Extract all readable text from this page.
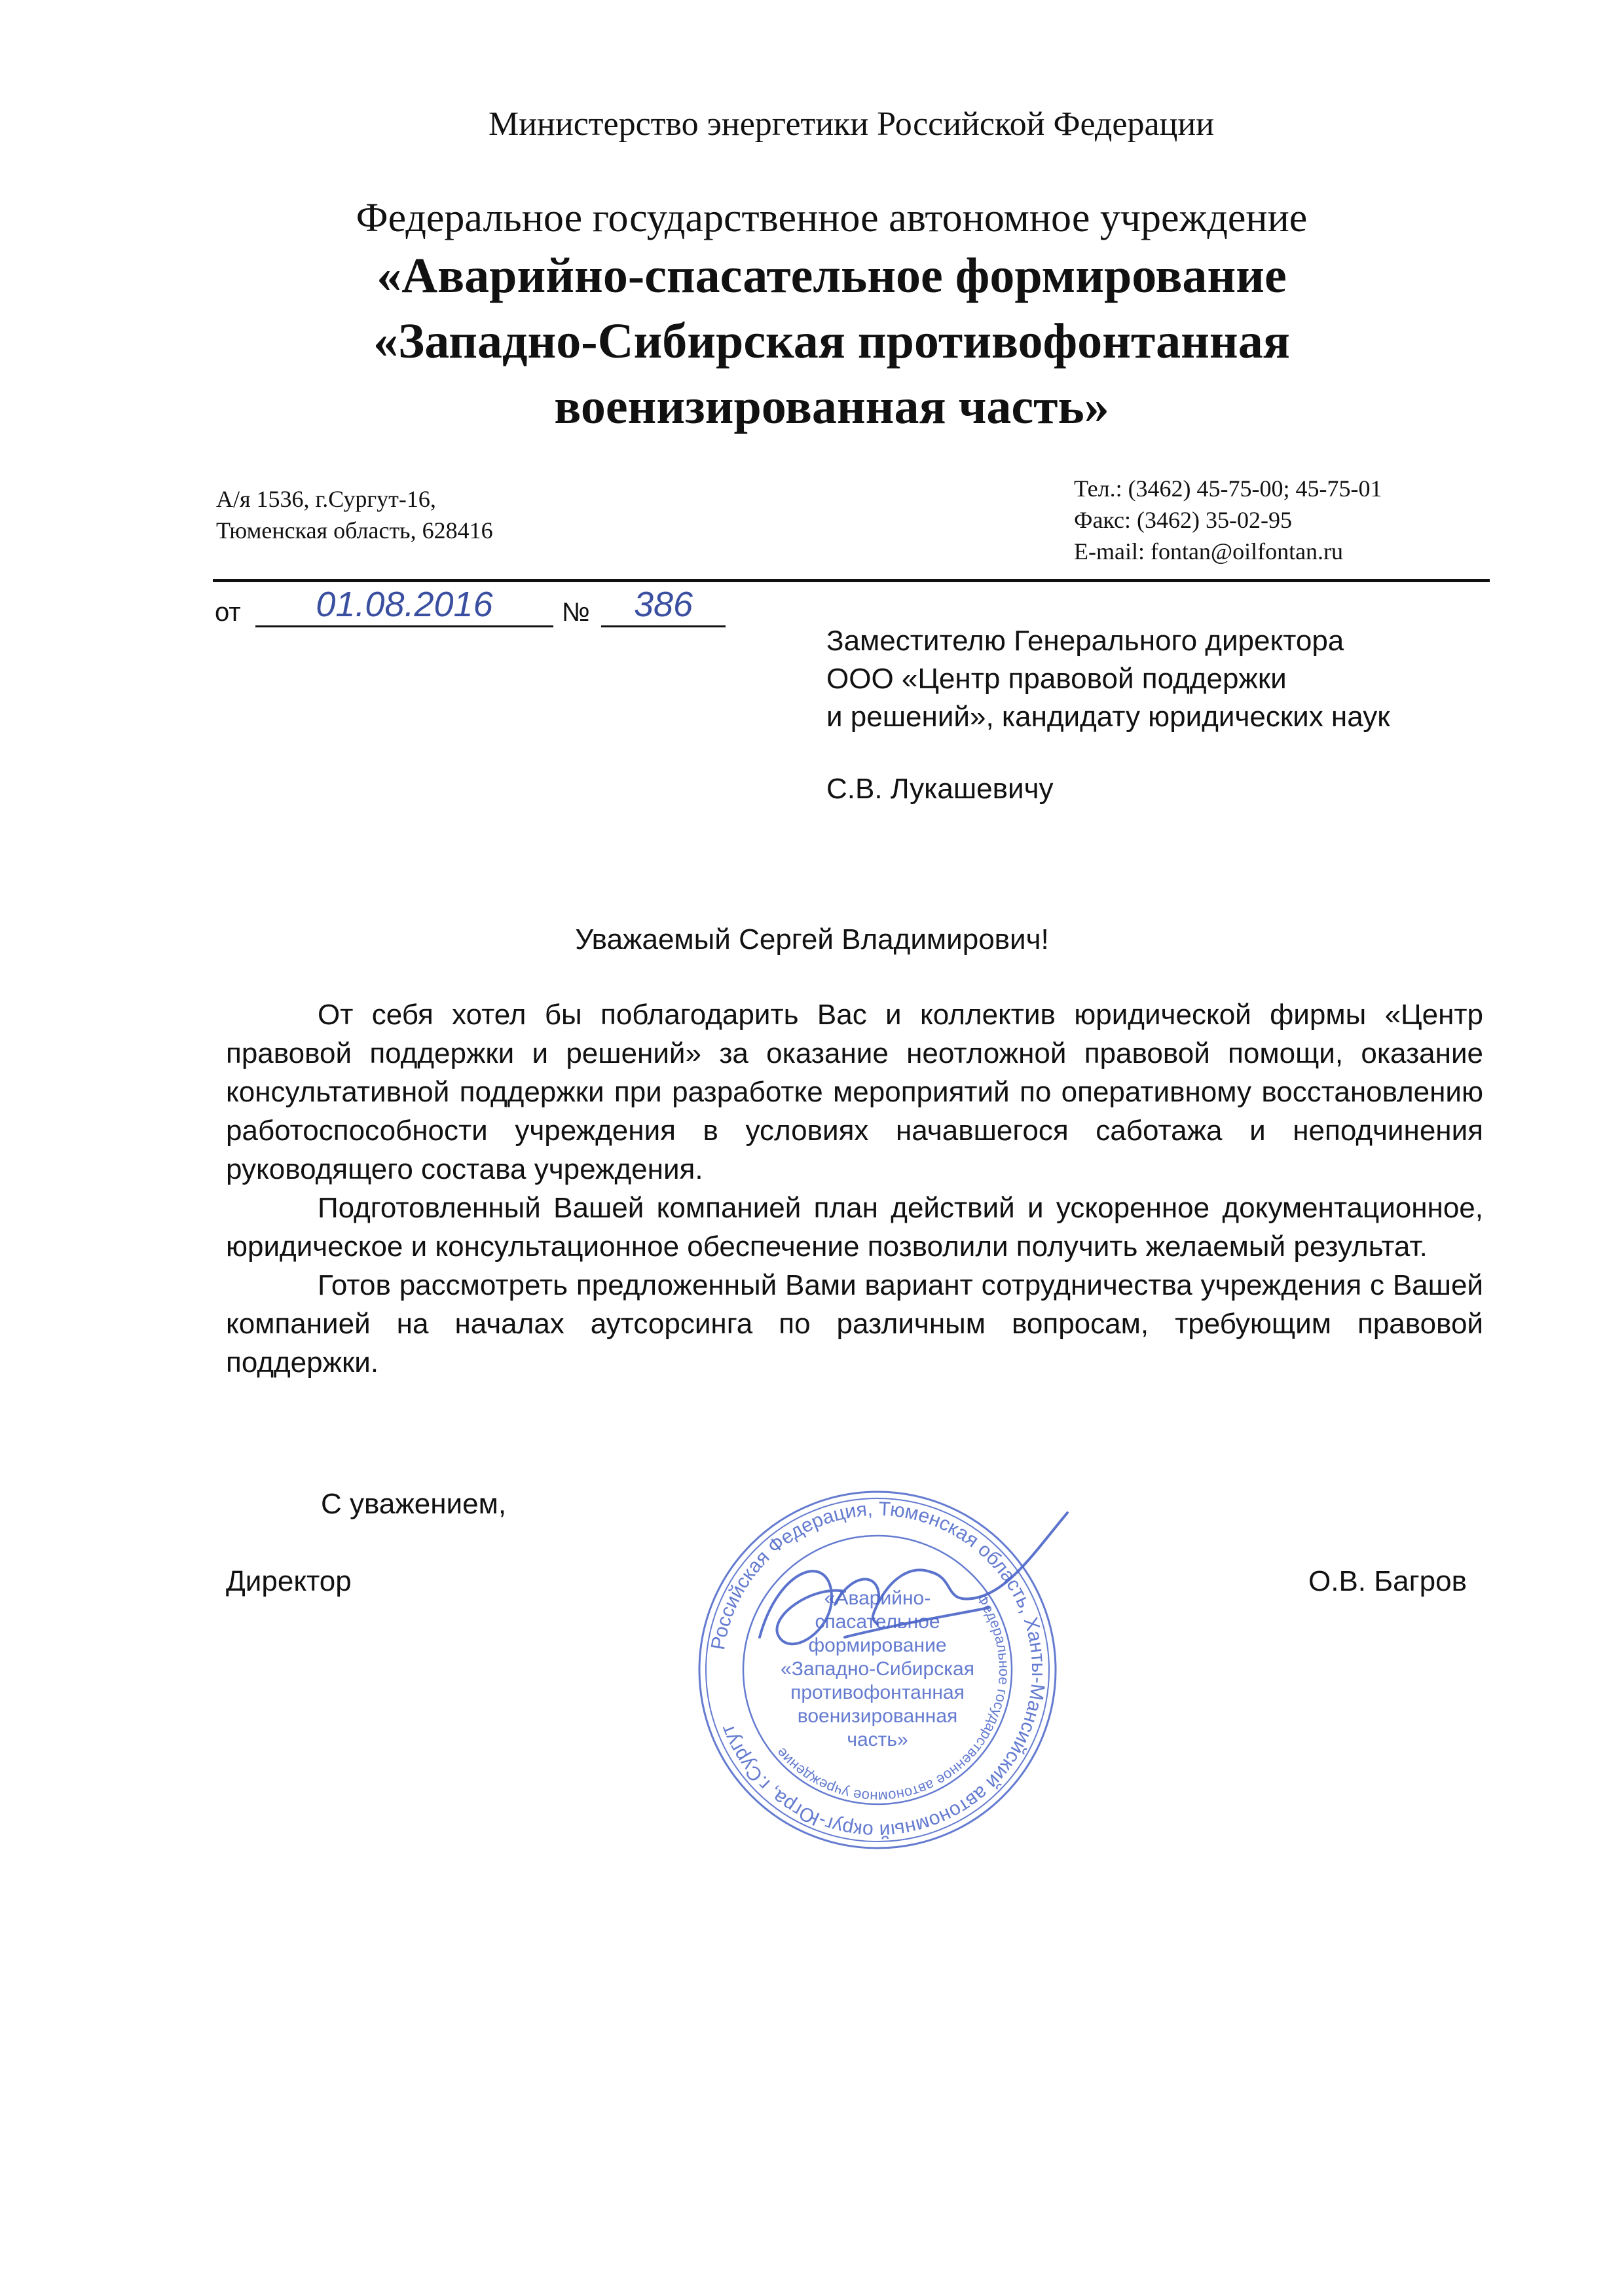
Министерство энергетики Российской Федерации
Федеральное государственное автономное учреждение
«Аварийно-спасательное формирование
«Западно-Сибирская противофонтанная
военизированная часть»
А/я 1536, г.Сургут-16,
Тюменская область, 628416
Тел.: (3462) 45-75-00; 45-75-01
Факс: (3462) 35-02-95
E-mail: fontan@oilfontan.ru
от	01.08.2016	№	386
Заместителю Генерального директора
ООО «Центр правовой поддержки
и решений», кандидату юридических наук
С.В. Лукашевичу
Уважаемый Сергей Владимирович!

От себя хотел бы поблагодарить Вас и коллектив юридической фирмы «Центр правовой поддержки и решений» за оказание неотложной правовой помощи, оказание консультативной поддержки при разработке мероприятий по оперативному восстановлению работоспособности учреждения в условиях начавшегося саботажа и неподчинения руководящего состава учреждения.

Подготовленный Вашей компанией план действий и ускоренное документационное, юридическое и консультационное обеспечение позволили получить желаемый результат.

Готов рассмотреть предложенный Вами вариант сотрудничества учреждения с Вашей компанией на началах аутсорсинга по различным вопросам, требующим правовой поддержки.

С уважением,
Директор	О.В. Багров
Российская Федерация, Тюменская область, Ханты-Мансийский автономный округ-Югра, г.Сургут
Федеральное государственное автономное учреждение
«Аварийно-
спасательное
формирование
«Западно-Сибирская
противофонтанная
военизированная
часть»
